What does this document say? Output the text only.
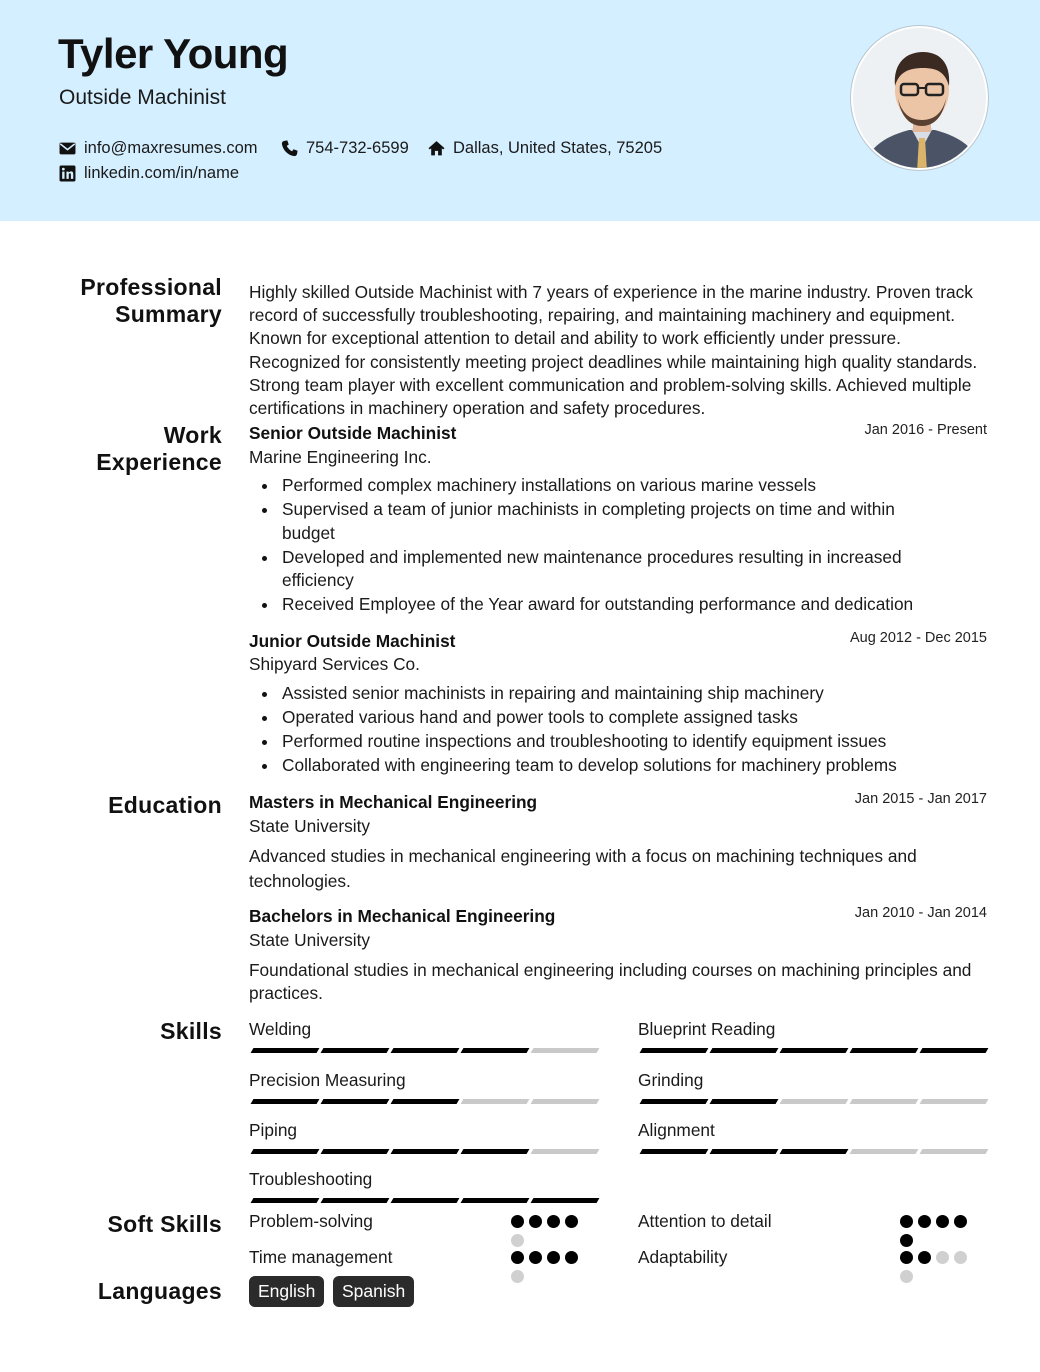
Tyler Young
Outside Machinist
info@maxresumes.com	754-732-6599	Dallas, United States, 75205
linkedin.com/in/name
Professional Summary
Highly skilled Outside Machinist with 7 years of experience in the marine industry. Proven track record of successfully troubleshooting, repairing, and maintaining machinery and equipment. Known for exceptional attention to detail and ability to work efficiently under pressure. Recognized for consistently meeting project deadlines while maintaining high quality standards. Strong team player with excellent communication and problem-solving skills. Achieved multiple certifications in machinery operation and safety procedures.
Work Experience
Senior Outside Machinist	Jan 2016 - Present
Marine Engineering Inc.
Performed complex machinery installations on various marine vessels
Supervised a team of junior machinists in completing projects on time and within budget
Developed and implemented new maintenance procedures resulting in increased efficiency
Received Employee of the Year award for outstanding performance and dedication
Junior Outside Machinist	Aug 2012 - Dec 2015
Shipyard Services Co.
Assisted senior machinists in repairing and maintaining ship machinery
Operated various hand and power tools to complete assigned tasks
Performed routine inspections and troubleshooting to identify equipment issues
Collaborated with engineering team to develop solutions for machinery problems
Education Masters in Mechanical Engineering	Jan 2015 - Jan 2017
State University
Advanced studies in mechanical engineering with a focus on machining techniques and technologies.
Bachelors in Mechanical Engineering	Jan 2010 - Jan 2014
State University
Foundational studies in mechanical engineering including courses on machining principles and practices.
Skills Welding	Blueprint Reading
Precision Measuring	Grinding
Piping	Alignment
Troubleshooting
Soft Skills Problem-solving	Attention to detail
Time management	Adaptability
Languages	English	Spanish
